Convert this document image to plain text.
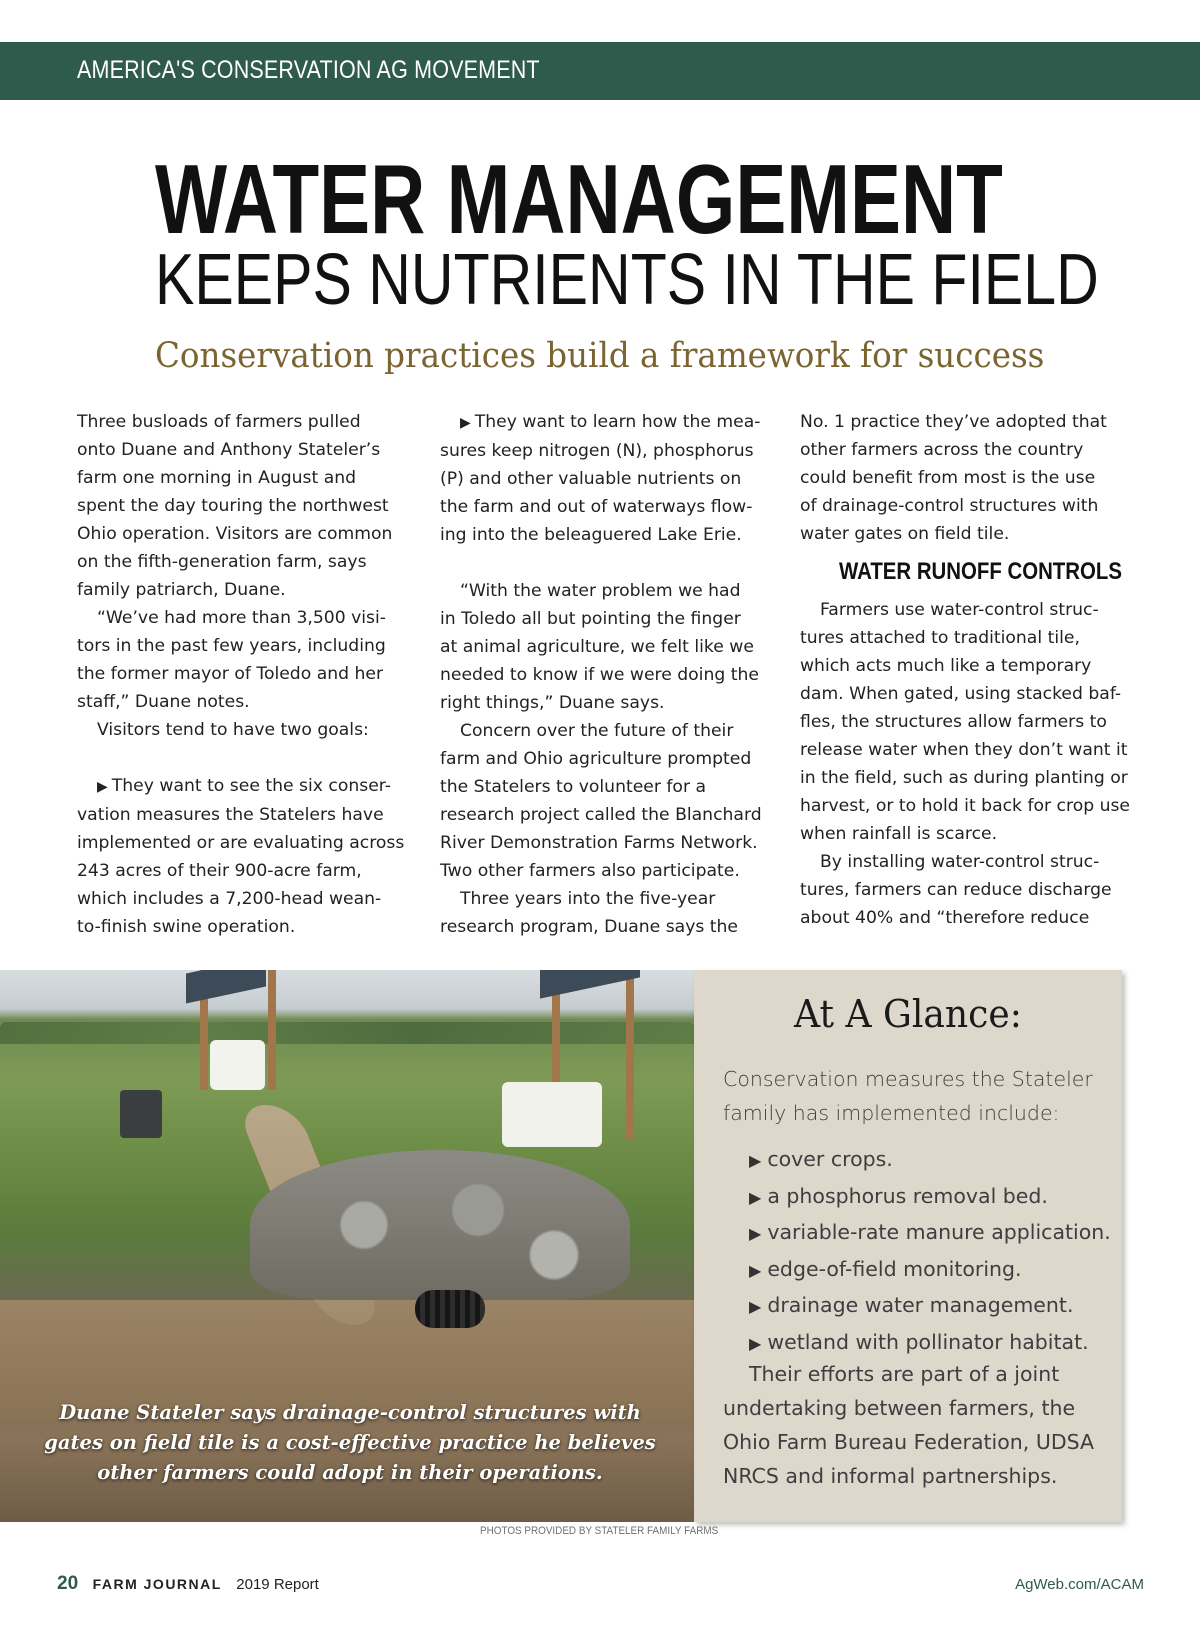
AMERICA'S CONSERVATION AG MOVEMENT
WATER MANAGEMENT
KEEPS NUTRIENTS IN THE FIELD
Conservation practices build a framework for success

Three busloads of farmers pulled

onto Duane and Anthony Stateler’s

farm one morning in August and

spent the day touring the northwest

Ohio operation. Visitors are common

on the fifth-generation farm, says

family patriarch, Duane.

“We’ve had more than 3,500 visi-

tors in the past few years, including

the former mayor of Toledo and her

staff,” Duane notes.

Visitors tend to have two goals:

▶ They want to see the six conser-

vation measures the Statelers have

implemented or are evaluating across

243 acres of their 900-acre farm,

which includes a 7,200-head wean-

to-finish swine operation.

▶ They want to learn how the mea-

sures keep nitrogen (N), phosphorus

(P) and other valuable nutrients on

the farm and out of waterways flow-

ing into the beleaguered Lake Erie.

“With the water problem we had

in Toledo all but pointing the finger

at animal agriculture, we felt like we

needed to know if we were doing the

right things,” Duane says.

Concern over the future of their

farm and Ohio agriculture prompted

the Statelers to volunteer for a

research project called the Blanchard

River Demonstration Farms Network.

Two other farmers also participate.

Three years into the five-year

research program, Duane says the

No. 1 practice they’ve adopted that

other farmers across the country

could benefit from most is the use

of drainage-control structures with

water gates on field tile.

WATER RUNOFF CONTROLS

Farmers use water-control struc-

tures attached to traditional tile,

which acts much like a temporary

dam. When gated, using stacked baf-

fles, the structures allow farmers to

release water when they don’t want it

in the field, such as during planting or

harvest, or to hold it back for crop use

when rainfall is scarce.

By installing water-control struc-

tures, farmers can reduce discharge

about 40% and “therefore reduce

Duane Stateler says drainage-control structures with

gates on field tile is a cost-effective practice he believes

other farmers could adopt in their operations.

At A Glance:

Conservation measures the Stateler

family has implemented include:

▶ cover crops.
▶ a phosphorus removal bed.
▶ variable-rate manure application.
▶ edge-of-field monitoring.
▶ drainage water management.
▶ wetland with pollinator habitat.

Their efforts are part of a joint

undertaking between farmers, the

Ohio Farm Bureau Federation, UDSA

NRCS and informal partnerships.

PHOTOS PROVIDED BY STATELER FAMILY FARMS
20 FARM JOURNAL 2019 Report	AgWeb.com/ACAM
